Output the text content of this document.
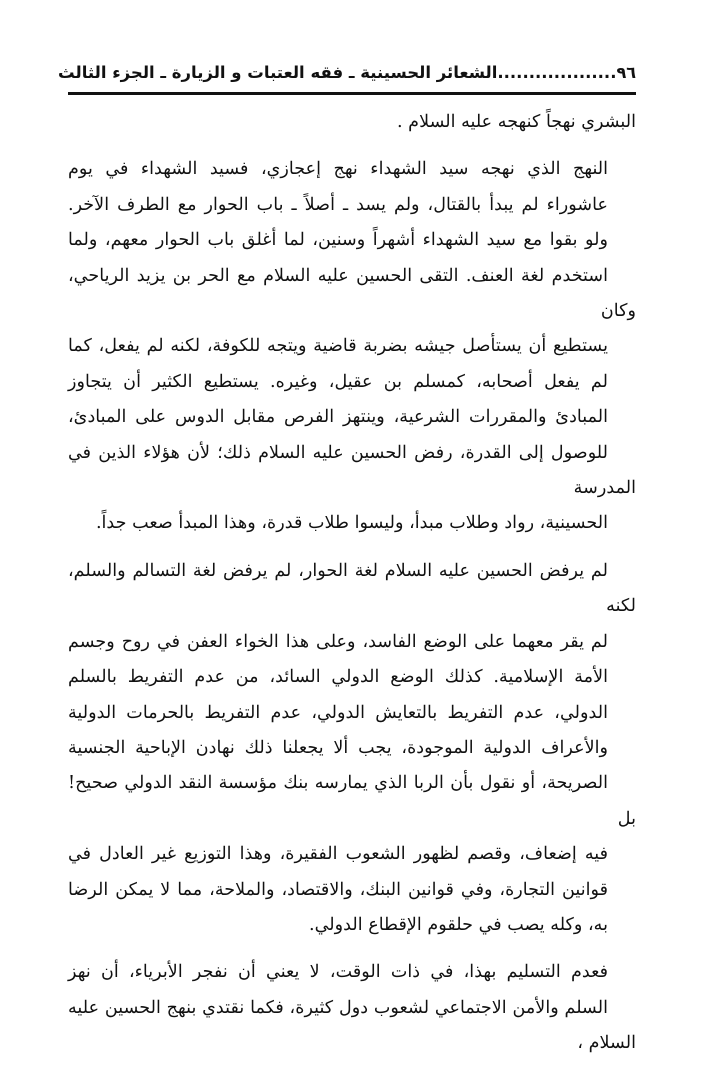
٩٦
...................الشعائر الحسينية ـ فقه العتبات و الزيارة ـ الجزء الثالث
البشري نهجاً كنهجه عليه السلام .
النهج الذي نهجه سيد الشهداء نهج إعجازي، فسيد الشهداء في يوم
عاشوراء لم يبدأ بالقتال، ولم يسد ـ أصلاً ـ باب الحوار مع الطرف الآخر.
ولو بقوا مع سيد الشهداء أشهراً وسنين، لما أغلق باب الحوار معهم، ولما
استخدم لغة العنف. التقى الحسين عليه السلام مع الحر بن يزيد الرياحي، وكان
يستطيع أن يستأصل جيشه بضربة قاضية ويتجه للكوفة، لكنه لم يفعل، كما
لم يفعل أصحابه، كمسلم بن عقيل، وغيره. يستطيع الكثير أن يتجاوز
المبادئ والمقررات الشرعية، وينتهز الفرص مقابل الدوس على المبادئ،
للوصول إلى القدرة، رفض الحسين عليه السلام ذلك؛ لأن هؤلاء الذين في المدرسة
الحسينية، رواد وطلاب مبدأ، وليسوا طلاب قدرة، وهذا المبدأ صعب جداً.
لم يرفض الحسين عليه السلام لغة الحوار، لم يرفض لغة التسالم والسلم، لكنه
لم يقر معهما على الوضع الفاسد، وعلى هذا الخواء العفن في روح وجسم
الأمة الإسلامية. كذلك الوضع الدولي السائد، من عدم التفريط بالسلم
الدولي، عدم التفريط بالتعايش الدولي، عدم التفريط بالحرمات الدولية
والأعراف الدولية الموجودة، يجب ألا يجعلنا ذلك نهادن الإباحية الجنسية
الصريحة، أو نقول بأن الربا الذي يمارسه بنك مؤسسة النقد الدولي صحيح! بل
فيه إضعاف، وقصم لظهور الشعوب الفقيرة، وهذا التوزيع غير العادل في
قوانين التجارة، وفي قوانين البنك، والاقتصاد، والملاحة، مما لا يمكن الرضا
به، وكله يصب في حلقوم الإقطاع الدولي.
فعدم التسليم بهذا، في ذات الوقت، لا يعني أن نفجر الأبرياء، أن نهز
السلم والأمن الاجتماعي لشعوب دول كثيرة، فكما نقتدي بنهج الحسين عليه السلام ،
